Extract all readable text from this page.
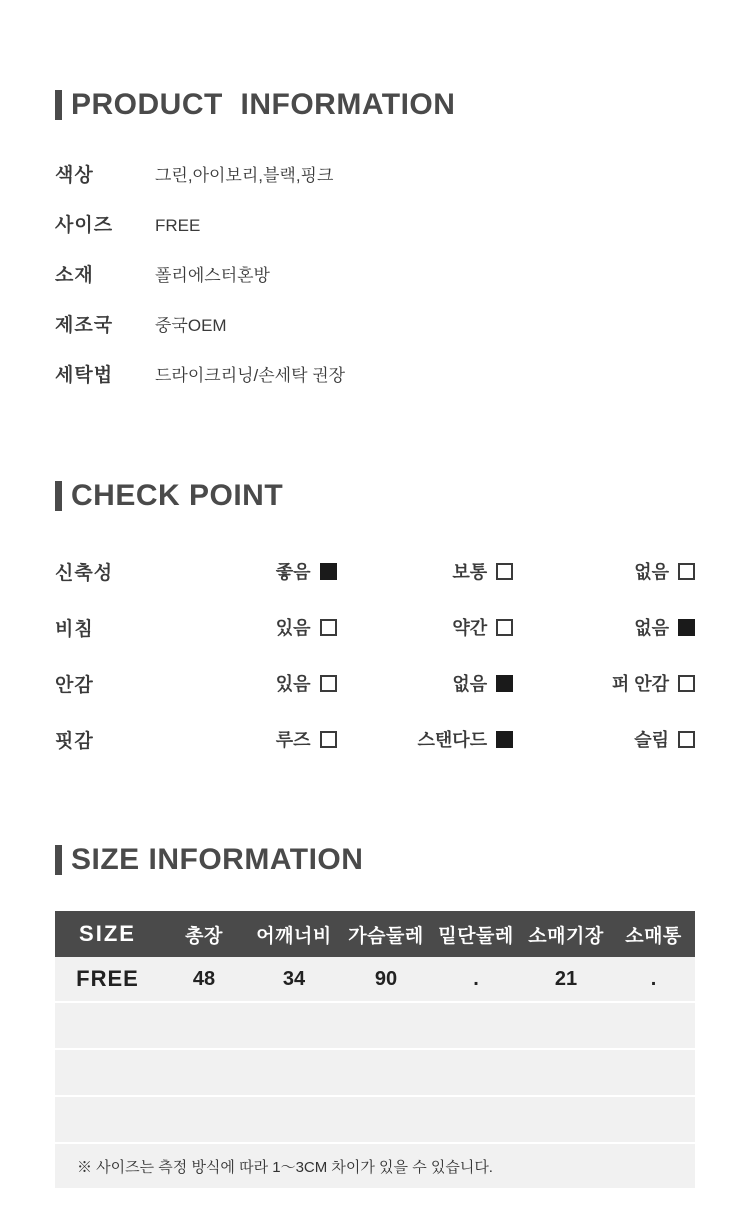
PRODUCT  INFORMATION
색상	그린,아이보리,블랙,핑크
사이즈	FREE
소재	폴리에스터혼방
제조국	중국OEM
세탁법	드라이크리닝/손세탁 권장
CHECK POINT
신축성	좋음	보통	없음
비침	있음	약간	없음
안감	있음	없음	퍼 안감
핏감	루즈	스탠다드	슬림
SIZE INFORMATION
SIZE	총장	어깨너비	가슴둘레	밑단둘레	소매기장	소매통
FREE	48	34	90	.	21	.

※ 사이즈는 측정 방식에 따라 1〜3CM 차이가 있을 수 있습니다.
